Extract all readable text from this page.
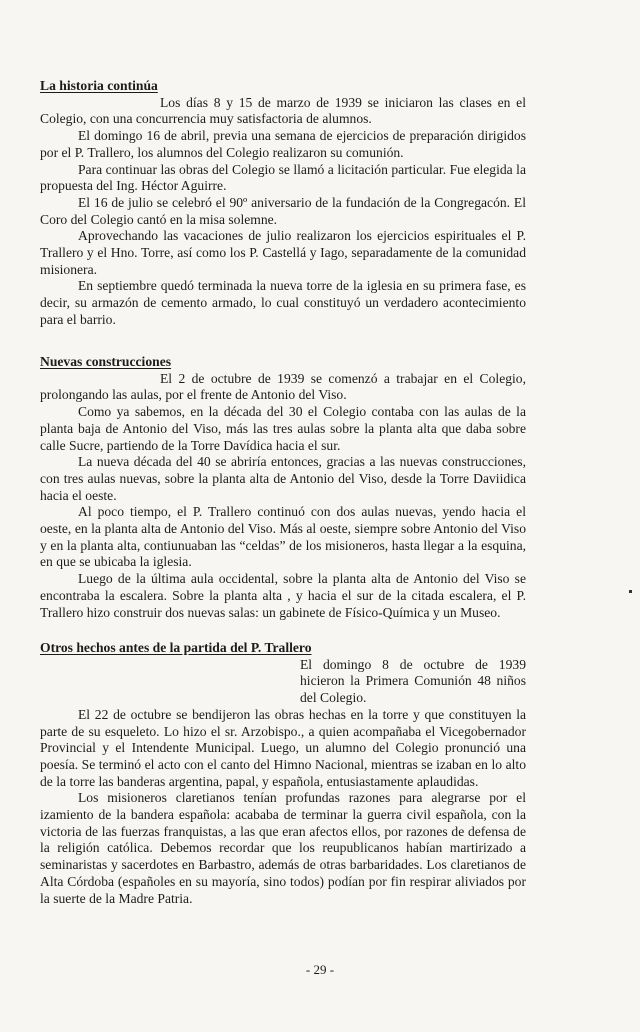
La historia continúa

Los días 8 y 15 de marzo de 1939 se iniciaron las clases en el Colegio, con una concurrencia muy satisfactoria de alumnos.

El domingo 16 de abril, previa una semana de ejercicios de preparación dirigidos por el P. Trallero, los alumnos del Colegio realizaron su comunión.

Para continuar las obras del Colegio se llamó a licitación particular. Fue elegida la propuesta del Ing. Héctor Aguirre.

El 16 de julio se celebró el 90º aniversario de la fundación de la Congregacón. El Coro del Colegio cantó en la misa solemne.

Aprovechando las vacaciones de julio realizaron los ejercicios espirituales el P. Trallero y el Hno. Torre, así como los P. Castellá y Iago, separadamente de la comunidad misionera.

En septiembre quedó terminada la nueva torre de la iglesia en su primera fase, es decir, su armazón de cemento armado, lo cual constituyó un verdadero acontecimiento para el barrio.

Nuevas construcciones

El 2 de octubre de 1939 se comenzó a trabajar en el Colegio, prolongando las aulas, por el frente de Antonio del Viso.

Como ya sabemos, en la década del 30 el Colegio contaba con las aulas de la planta baja de Antonio del Viso, más las tres aulas sobre la planta alta que daba sobre calle Sucre, partiendo de la Torre Davídica hacia el sur.

La nueva década del 40 se abriría entonces, gracias a las nuevas construcciones, con tres aulas nuevas, sobre la planta alta de Antonio del Viso, desde la Torre Daviidica hacia el oeste.

Al poco tiempo, el P. Trallero continuó con dos aulas nuevas, yendo hacia el oeste, en la planta alta de Antonio del Viso. Más al oeste, siempre sobre Antonio del Viso y en la planta alta, contiunuaban las “celdas” de los misioneros, hasta llegar a la esquina, en que se ubicaba la iglesia.

Luego de la última aula occidental, sobre la planta alta de Antonio del Viso se encontraba la escalera. Sobre la planta alta , y hacia el sur de la citada escalera, el P. Trallero hizo construir dos nuevas salas: un gabinete de Físico-Química y un Museo.

Otros hechos antes de la partida del P. Trallero

El domingo 8 de octubre de 1939 hicieron la Primera Comunión 48 niños del Colegio.

El 22 de octubre se bendijeron las obras hechas en la torre y que constituyen la parte de su esqueleto. Lo hizo el sr. Arzobispo., a quien acompañaba el Vicegobernador Provincial y el Intendente Municipal. Luego, un alumno del Colegio pronunció una poesía. Se terminó el acto con el canto del Himno Nacional, mientras se izaban en lo alto de la torre las banderas argentina, papal, y española, entusiastamente aplaudidas.

Los misioneros claretianos tenían profundas razones para alegrarse por el izamiento de la bandera española: acababa de terminar la guerra civil española, con la victoria de las fuerzas franquistas, a las que eran afectos ellos, por razones de defensa de la religión católica. Debemos recordar que los reupublicanos habían martirizado a seminaristas y sacerdotes en Barbastro, además de otras barbaridades. Los claretianos de Alta Córdoba (españoles en su mayoría, sino todos) podían por fin respirar aliviados por la suerte de la Madre Patria.

- 29 -
